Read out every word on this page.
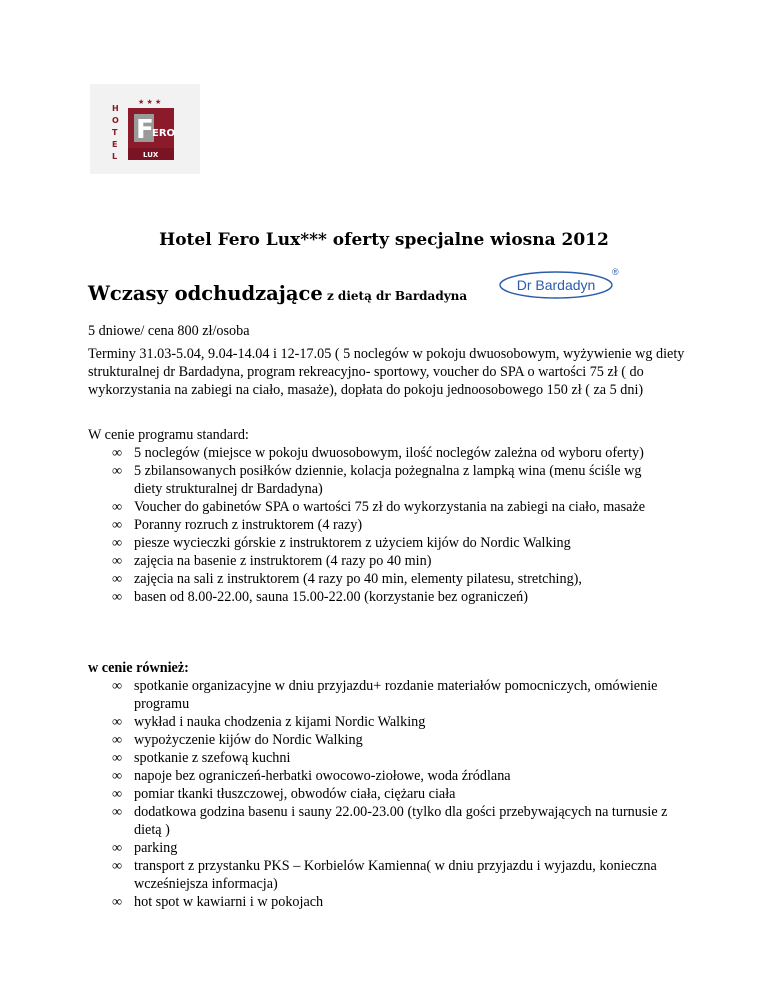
★ ★ ★
H
O
T
E
L
F
ERO
LUX
Hotel Fero Lux*** oferty specjalne wiosna 2012
Wczasy odchudzające z dietą dr Bardadyna
Dr Bardadyn
®
5 dniowe/ cena 800 zł/osoba
Terminy 31.03-5.04, 9.04-14.04 i 12-17.05 ( 5 noclegów w pokoju dwuosobowym, wyżywienie wg diety strukturalnej dr Bardadyna, program rekreacyjno- sportowy, voucher do SPA o wartości 75 zł ( do wykorzystania na zabiegi na ciało, masaże), dopłata do pokoju jednoosobowego 150 zł ( za 5 dni)
W cenie programu standard:
∞ 5 noclegów (miejsce w pokoju dwuosobowym, ilość noclegów zależna od wyboru oferty)
∞ 5 zbilansowanych posiłków dziennie, kolacja pożegnalna z lampką wina (menu ściśle wg diety strukturalnej dr Bardadyna)
∞ Voucher do gabinetów SPA o wartości 75 zł do wykorzystania na zabiegi na ciało, masaże
∞ Poranny rozruch z instruktorem (4 razy)
∞ piesze wycieczki górskie z instruktorem z użyciem kijów do Nordic Walking
∞ zajęcia na basenie z instruktorem (4 razy po 40 min)
∞ zajęcia na sali z instruktorem (4 razy po 40 min, elementy pilatesu, stretching),
∞ basen od 8.00-22.00, sauna 15.00-22.00 (korzystanie bez ograniczeń)
w cenie również:
∞ spotkanie organizacyjne w dniu przyjazdu+ rozdanie materiałów pomocniczych, omówienie programu
∞ wykład i nauka chodzenia z kijami Nordic Walking
∞ wypożyczenie kijów do Nordic Walking
∞ spotkanie z szefową kuchni
∞ napoje bez ograniczeń-herbatki owocowo-ziołowe, woda źródlana
∞ pomiar tkanki tłuszczowej, obwodów ciała, ciężaru ciała
∞ dodatkowa godzina basenu i sauny 22.00-23.00 (tylko dla gości przebywających na turnusie z dietą )
∞ parking
∞ transport z przystanku PKS – Korbielów Kamienna( w dniu przyjazdu i wyjazdu, konieczna wcześniejsza informacja)
∞ hot spot w kawiarni i w pokojach
